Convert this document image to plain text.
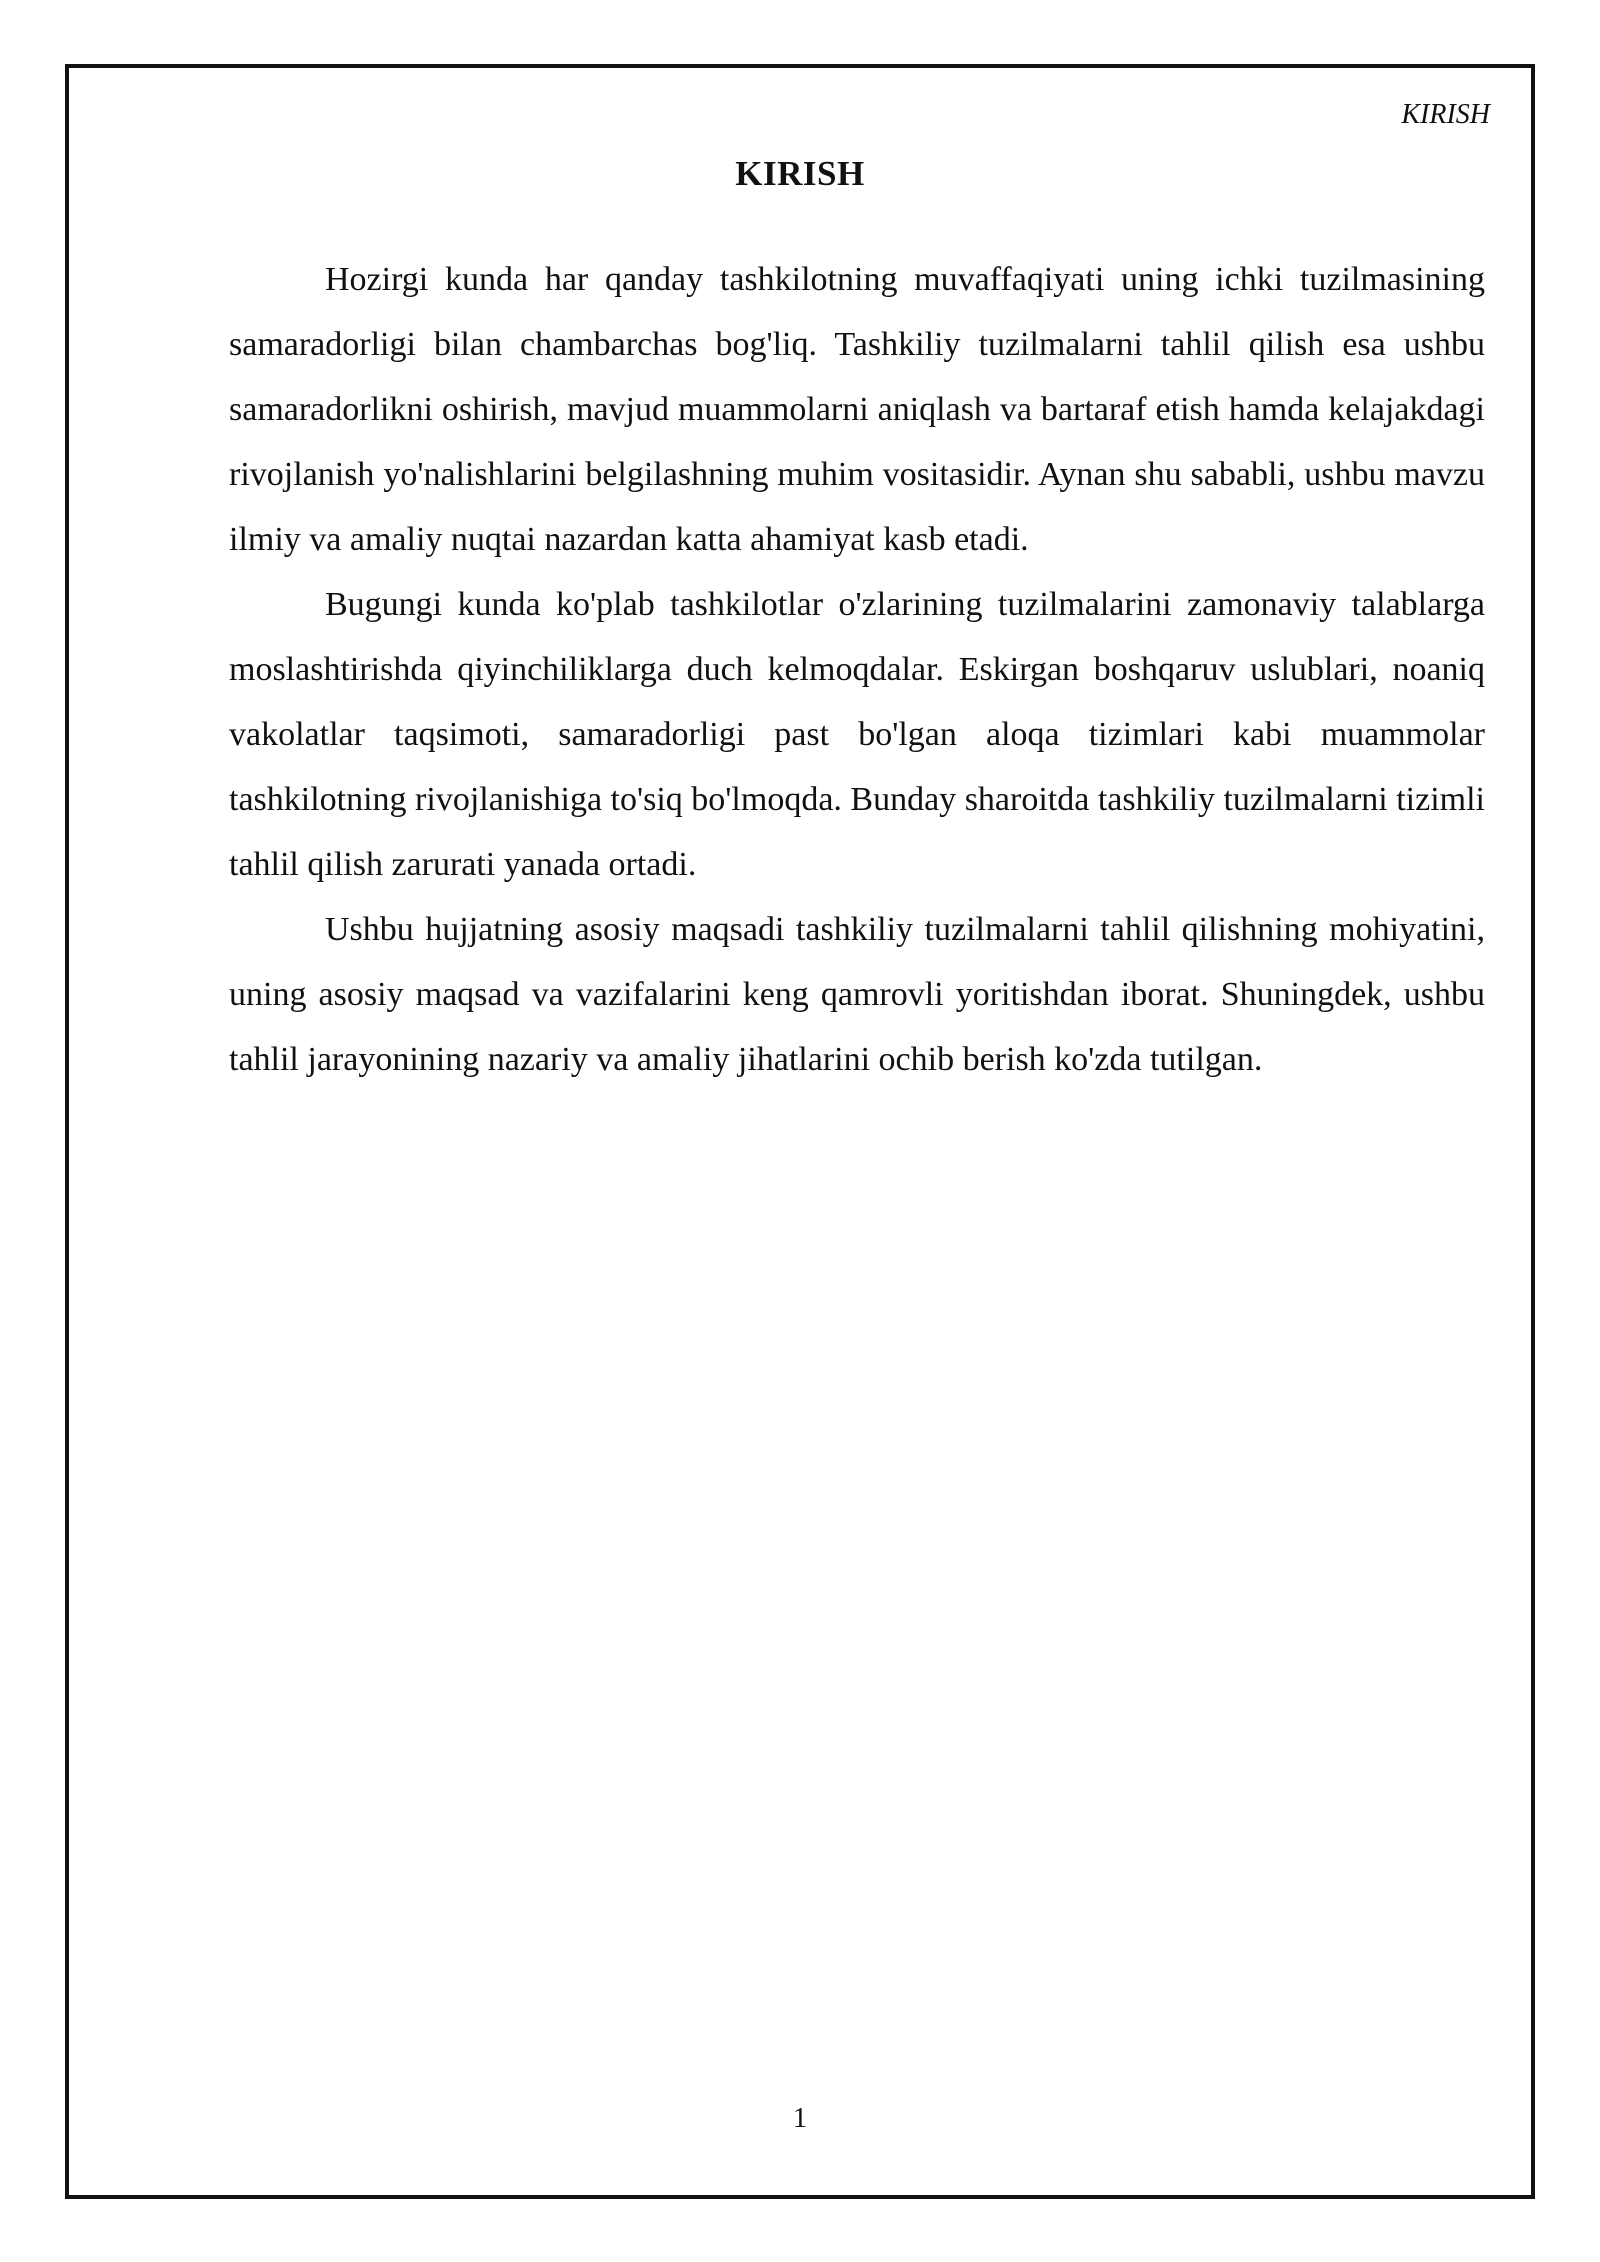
KIRISH
KIRISH

Hozirgi kunda har qanday tashkilotning muvaffaqiyati uning ichki tuzilmasining samaradorligi bilan chambarchas bog'liq. Tashkiliy tuzilmalarni tahlil qilish esa ushbu samaradorlikni oshirish, mavjud muammolarni aniqlash va bartaraf etish hamda kelajakdagi rivojlanish yo'nalishlarini belgilashning muhim vositasidir. Aynan shu sababli, ushbu mavzu ilmiy va amaliy nuqtai nazardan katta ahamiyat kasb etadi.

Bugungi kunda ko'plab tashkilotlar o'zlarining tuzilmalarini zamonaviy talablarga moslashtirishda qiyinchiliklarga duch kelmoqdalar. Eskirgan boshqaruv uslublari, noaniq vakolatlar taqsimoti, samaradorligi past bo'lgan aloqa tizimlari kabi muammolar tashkilotning rivojlanishiga to'siq bo'lmoqda. Bunday sharoitda tashkiliy tuzilmalarni tizimli tahlil qilish zarurati yanada ortadi.

Ushbu hujjatning asosiy maqsadi tashkiliy tuzilmalarni tahlil qilishning mohiyatini, uning asosiy maqsad va vazifalarini keng qamrovli yoritishdan iborat. Shuningdek, ushbu tahlil jarayonining nazariy va amaliy jihatlarini ochib berish ko'zda tutilgan.

1
